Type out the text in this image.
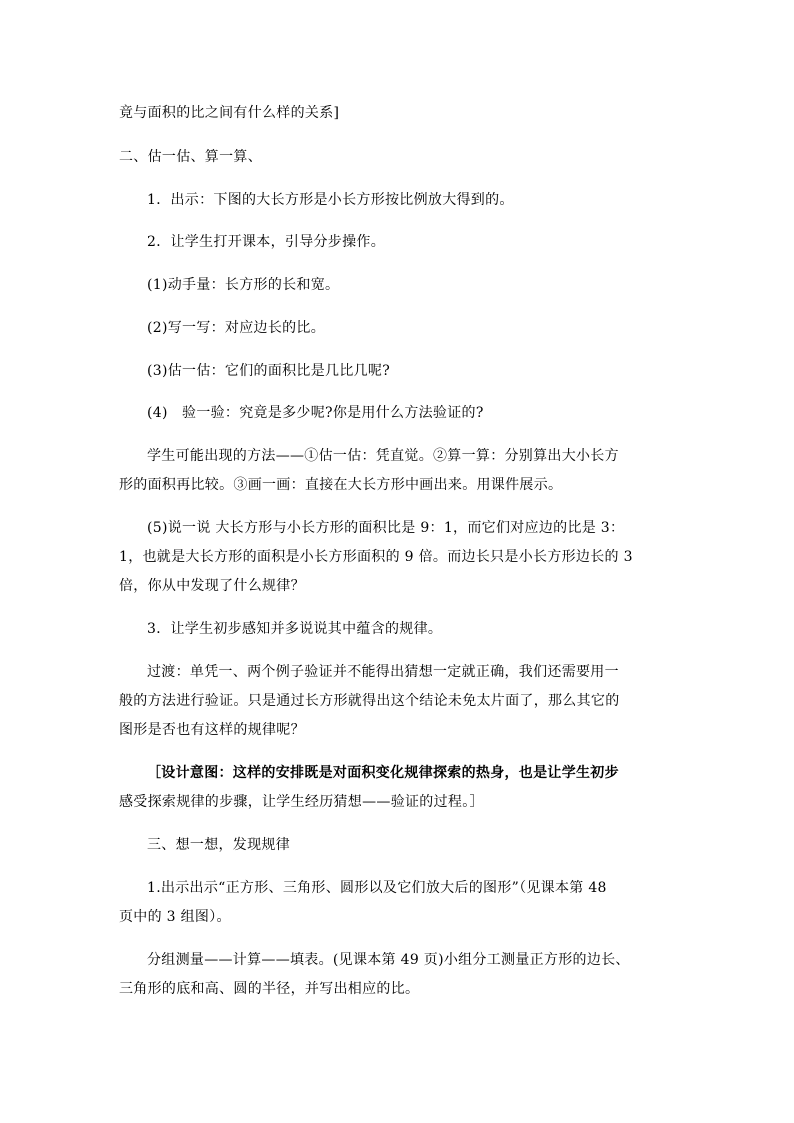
竟与面积的比之间有什么样的关系]
二、估一估、算一算、
1．出示：下图的大长方形是小长方形按比例放大得到的。
2．让学生打开课本，引导分步操作。
(1)动手量：长方形的长和宽。
(2)写一写：对应边长的比。
(3)估一估：它们的面积比是几比几呢?
(4)　验一验：究竟是多少呢?你是用什么方法验证的?
学生可能出现的方法——①估一估：凭直觉。②算一算：分别算出大小长方
形的面积再比较。③画一画：直接在大长方形中画出来。用课件展示。
(5)说一说 大长方形与小长方形的面积比是 9：1，而它们对应边的比是 3：
1，也就是大长方形的面积是小长方形面积的 9 倍。而边长只是小长方形边长的 3
倍，你从中发现了什么规律？
3．让学生初步感知并多说说其中蕴含的规律。
过渡：单凭一、两个例子验证并不能得出猜想一定就正确，我们还需要用一
般的方法进行验证。只是通过长方形就得出这个结论未免太片面了，那么其它的
图形是否也有这样的规律呢？
［设计意图：这样的安排既是对面积变化规律探索的热身，也是让学生初步
感受探索规律的步骤，让学生经历猜想——验证的过程。］
三、想一想，发现规律
1.出示出示“正方形、三角形、圆形以及它们放大后的图形”（见课本第 48
页中的 3 组图）。
分组测量——计算——填表。(见课本第 49 页)小组分工测量正方形的边长、
三角形的底和高、圆的半径，并写出相应的比。
